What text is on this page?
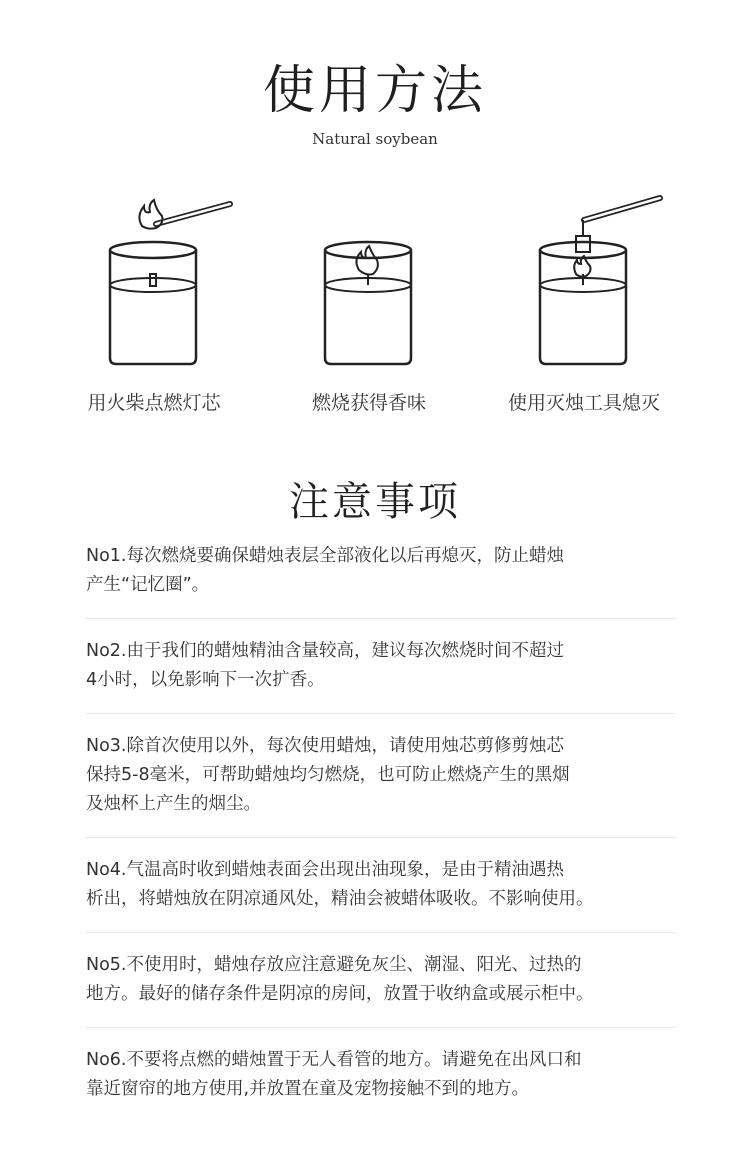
使用方法
Natural soybean
用火柴点燃灯芯	燃烧获得香味	使用灭烛工具熄灭
注意事项
No1.每次燃烧要确保蜡烛表层全部液化以后再熄灭，防止蜡烛
产生“记忆圈”。
No2.由于我们的蜡烛精油含量较高，建议每次燃烧时间不超过
4小时，以免影响下一次扩香。
No3.除首次使用以外，每次使用蜡烛，请使用烛芯剪修剪烛芯
保持5-8毫米，可帮助蜡烛均匀燃烧，也可防止燃烧产生的黑烟
及烛杯上产生的烟尘。
No4.气温高时收到蜡烛表面会出现出油现象，是由于精油遇热
析出，将蜡烛放在阴凉通风处，精油会被蜡体吸收。不影响使用。
No5.不使用时，蜡烛存放应注意避免灰尘、潮湿、阳光、过热的
地方。最好的储存条件是阴凉的房间，放置于收纳盒或展示柜中。
No6.不要将点燃的蜡烛置于无人看管的地方。请避免在出风口和
靠近窗帘的地方使用,并放置在童及宠物接触不到的地方。
